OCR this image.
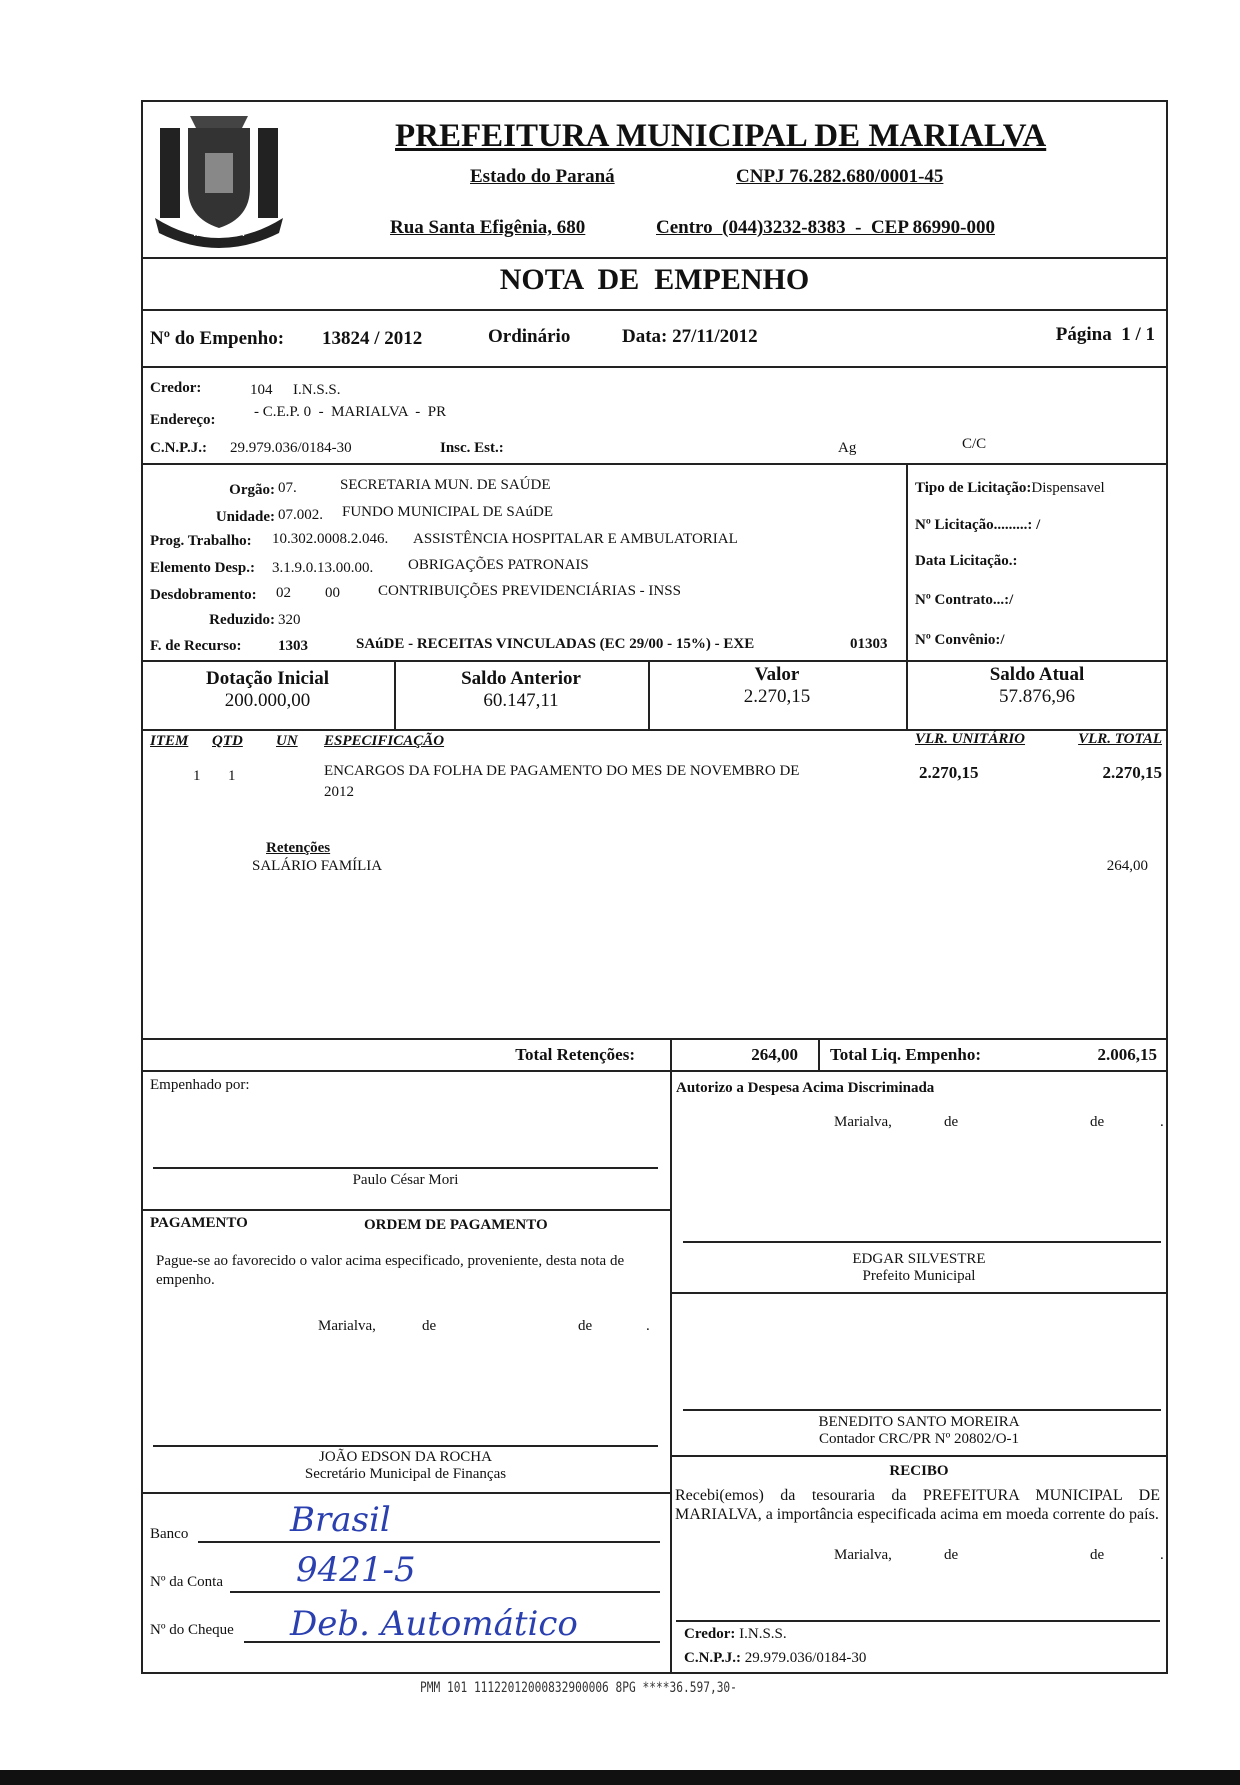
MARIALVA
PREFEITURA MUNICIPAL DE MARIALVA
Estado do Paraná	CNPJ 76.282.680/0001-45
Rua Santa Efigênia, 680	Centro  (044)3232-8383  -  CEP 86990-000
NOTA  DE  EMPENHO
Nº do Empenho: 13824 / 2012	Ordinário	Data: 27/11/2012	Página  1 / 1
Credor:	104 I.N.S.S.
Endereço:	- C.E.P. 0  -  MARIALVA  -  PR
C.N.P.J.: 29.979.036/0184-30	Insc. Est.:	Ag	C/C
Orgão: 07.	SECRETARIA MUN. DE SAÚDE
Unidade: 07.002. FUNDO MUNICIPAL DE SAúDE
Prog. Trabalho: 10.302.0008.2.046. ASSISTÊNCIA HOSPITALAR E AMBULATORIAL
Elemento Desp.: 3.1.9.0.13.00.00. OBRIGAÇÕES PATRONAIS
Desdobramento: 02 00	CONTRIBUIÇÕES PREVIDENCIÁRIAS - INSS
Reduzido: 320
F. de Recurso: 1303	SAúDE - RECEITAS VINCULADAS (EC 29/00 - 15%) - EXE	01303
Tipo de Licitação:Dispensavel
Nº Licitação.........: /
Data Licitação.:
Nº Contrato...:/
Nº Convênio:/
Dotação Inicial
200.000,00
Saldo Anterior
60.147,11
Valor
2.270,15
Saldo Atual
57.876,96
ITEM QTD UN ESPECIFICAÇÃO	VLR. UNITÁRIO	VLR. TOTAL
1 1	ENCARGOS DA FOLHA DE PAGAMENTO DO MES DE NOVEMBRO DE
2012
2.270,15	2.270,15
Retenções
SALÁRIO FAMÍLIA	264,00
Total Retenções:	264,00 Total Liq. Empenho:	2.006,15
Empenhado por:
Paulo César Mori
Autorizo a Despesa Acima Discriminada
Marialva,	de	de	.
PAGAMENTO	ORDEM DE PAGAMENTO
Pague-se ao favorecido o valor acima especificado, proveniente, desta nota de empenho.
Marialva,	de	de	.
EDGAR SILVESTRE
Prefeito Municipal
BENEDITO SANTO MOREIRA
Contador CRC/PR Nº 20802/O-1
JOÃO EDSON DA ROCHA
Secretário Municipal de Finanças
Banco	Brasil
Nº da Conta 9421-5
Nº do Cheque Deb. Automático
RECIBO
Recebi(emos) da tesouraria da PREFEITURA MUNICIPAL DE MARIALVA, a importância especificada acima em moeda corrente do país.
Marialva,	de	de	.
Credor: I.N.S.S.
C.N.P.J.: 29.979.036/0184-30
PMM 101 11122012000832900006 8PG ****36.597,30-
